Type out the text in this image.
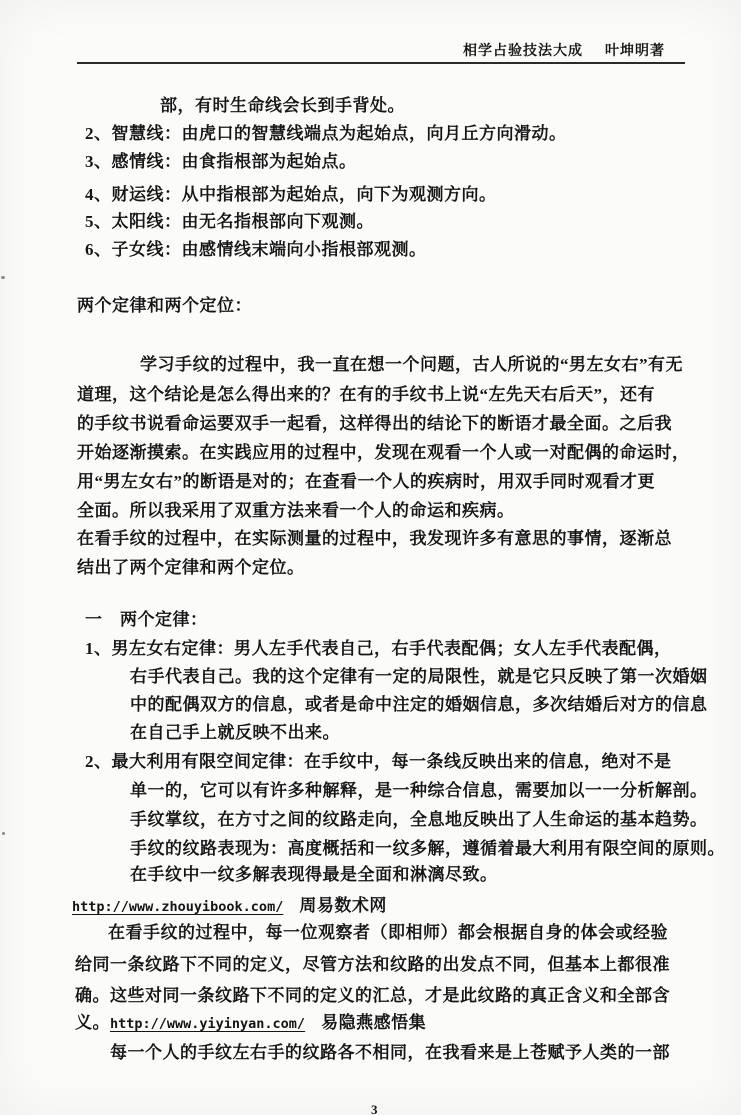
相学占验技法大成 叶坤明著
部，有时生命线会长到手背处。
2、智慧线：由虎口的智慧线端点为起始点，向月丘方向滑动。
3、感情线：由食指根部为起始点。
4、财运线：从中指根部为起始点，向下为观测方向。
5、太阳线：由无名指根部向下观测。
6、子女线：由感情线末端向小指根部观测。
两个定律和两个定位：
学习手纹的过程中，我一直在想一个问题，古人所说的“男左女右”有无
道理，这个结论是怎么得出来的？在有的手纹书上说“左先天右后天”，还有
的手纹书说看命运要双手一起看，这样得出的结论下的断语才最全面。之后我
开始逐渐摸索。在实践应用的过程中，发现在观看一个人或一对配偶的命运时，
用“男左女右”的断语是对的；在查看一个人的疾病时，用双手同时观看才更
全面。所以我采用了双重方法来看一个人的命运和疾病。
在看手纹的过程中，在实际测量的过程中，我发现许多有意思的事情，逐渐总
结出了两个定律和两个定位。
一　两个定律：
1、男左女右定律：男人左手代表自己，右手代表配偶；女人左手代表配偶，
右手代表自己。我的这个定律有一定的局限性，就是它只反映了第一次婚姻
中的配偶双方的信息，或者是命中注定的婚姻信息，多次结婚后对方的信息
在自己手上就反映不出来。
2、最大利用有限空间定律：在手纹中，每一条线反映出来的信息，绝对不是
单一的，它可以有许多种解释，是一种综合信息，需要加以一一分析解剖。
手纹掌纹，在方寸之间的纹路走向，全息地反映出了人生命运的基本趋势。
手纹的纹路表现为：高度概括和一纹多解，遵循着最大利用有限空间的原则。
在手纹中一纹多解表现得最是全面和淋漓尽致。
http://www.zhouyibook.com/ 周易数术网
在看手纹的过程中，每一位观察者（即相师）都会根据自身的体会或经验
给同一条纹路下不同的定义，尽管方法和纹路的出发点不同，但基本上都很准
确。这些对同一条纹路下不同的定义的汇总，才是此纹路的真正含义和全部含
义。http://www.yiyinyan.com/ 易隐燕感悟集
每一个人的手纹左右手的纹路各不相同，在我看来是上苍赋予人类的一部
3
